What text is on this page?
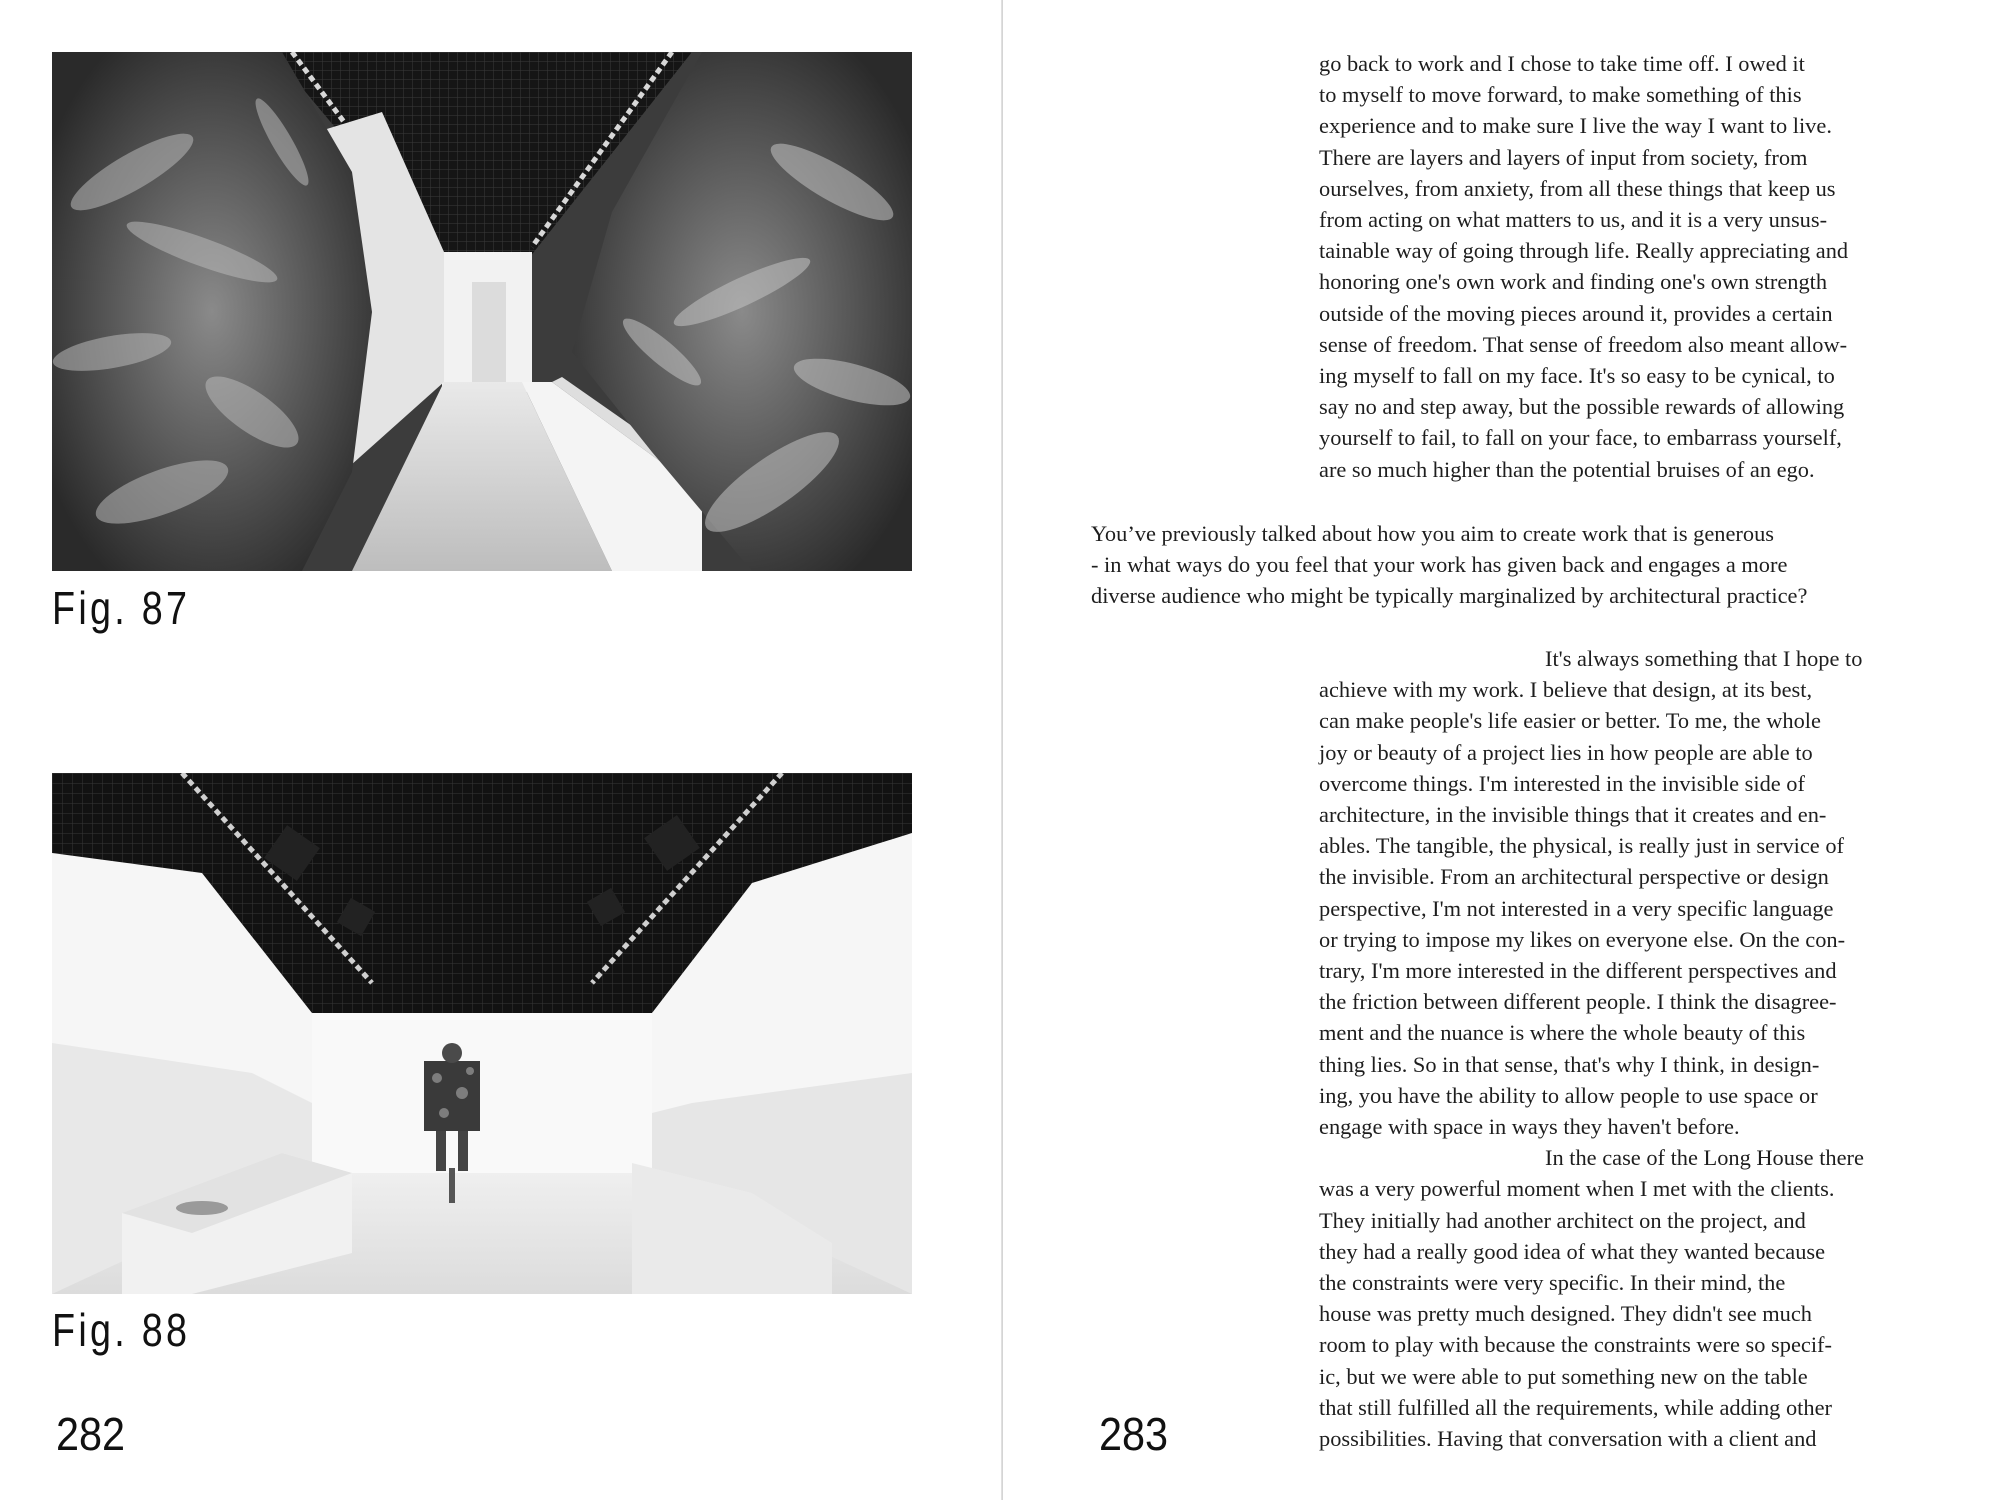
Fig. 87
Fig. 88
282
go back to work and I chose to take time off. I owed it
to myself to move forward, to make something of this
experience and to make sure I live the way I want to live.
There are layers and layers of input from society, from
ourselves, from anxiety, from all these things that keep us
from acting on what matters to us, and it is a very unsus-
tainable way of going through life. Really appreciating and
honoring one's own work and finding one's own strength
outside of the moving pieces around it, provides a certain
sense of freedom. That sense of freedom also meant allow-
ing myself to fall on my face. It's so easy to be cynical, to
say no and step away, but the possible rewards of allowing
yourself to fail, to fall on your face, to embarrass yourself,
are so much higher than the potential bruises of an ego.
You’ve previously talked about how you aim to create work that is generous
- in what ways do you feel that your work has given back and engages a more
diverse audience who might be typically marginalized by architectural practice?
It's always something that I hope to
achieve with my work. I believe that design, at its best,
can make people's life easier or better. To me, the whole
joy or beauty of a project lies in how people are able to
overcome things. I'm interested in the invisible side of
architecture, in the invisible things that it creates and en-
ables. The tangible, the physical, is really just in service of
the invisible. From an architectural perspective or design
perspective, I'm not interested in a very specific language
or trying to impose my likes on everyone else. On the con-
trary, I'm more interested in the different perspectives and
the friction between different people. I think the disagree-
ment and the nuance is where the whole beauty of this
thing lies. So in that sense, that's why I think, in design-
ing, you have the ability to allow people to use space or
engage with space in ways they haven't before.
In the case of the Long House there
was a very powerful moment when I met with the clients.
They initially had another architect on the project, and
they had a really good idea of what they wanted because
the constraints were very specific. In their mind, the
house was pretty much designed. They didn't see much
room to play with because the constraints were so specif-
ic, but we were able to put something new on the table
that still fulfilled all the requirements, while adding other
possibilities. Having that conversation with a client and
283
